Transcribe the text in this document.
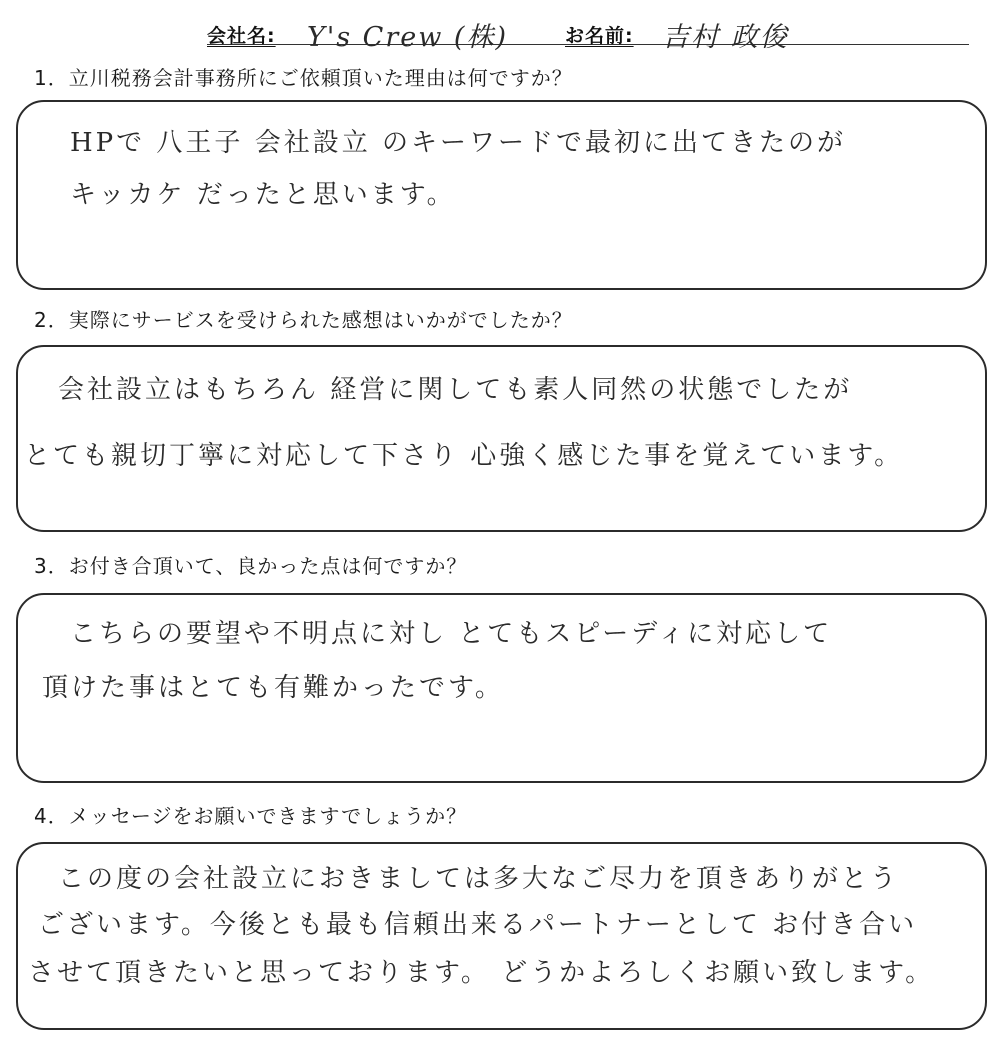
会社名: Y's Crew (株)	お名前: 吉村 政俊
1．立川税務会計事務所にご依頼頂いた理由は何ですか？
HPで 八王子 会社設立 のキーワードで最初に出てきたのが
キッカケ だったと思います。
2．実際にサービスを受けられた感想はいかがでしたか？
会社設立はもちろん 経営に関しても素人同然の状態でしたが
とても親切丁寧に対応して下さり 心強く感じた事を覚えています。
3．お付き合頂いて、良かった点は何ですか？
こちらの要望や不明点に対し とてもスピーディに対応して
頂けた事はとても有難かったです。
4．メッセージをお願いできますでしょうか？
この度の会社設立におきましては多大なご尽力を頂きありがとう
ございます。今後とも最も信頼出来るパートナーとして お付き合い
させて頂きたいと思っております。 どうかよろしくお願い致します。
